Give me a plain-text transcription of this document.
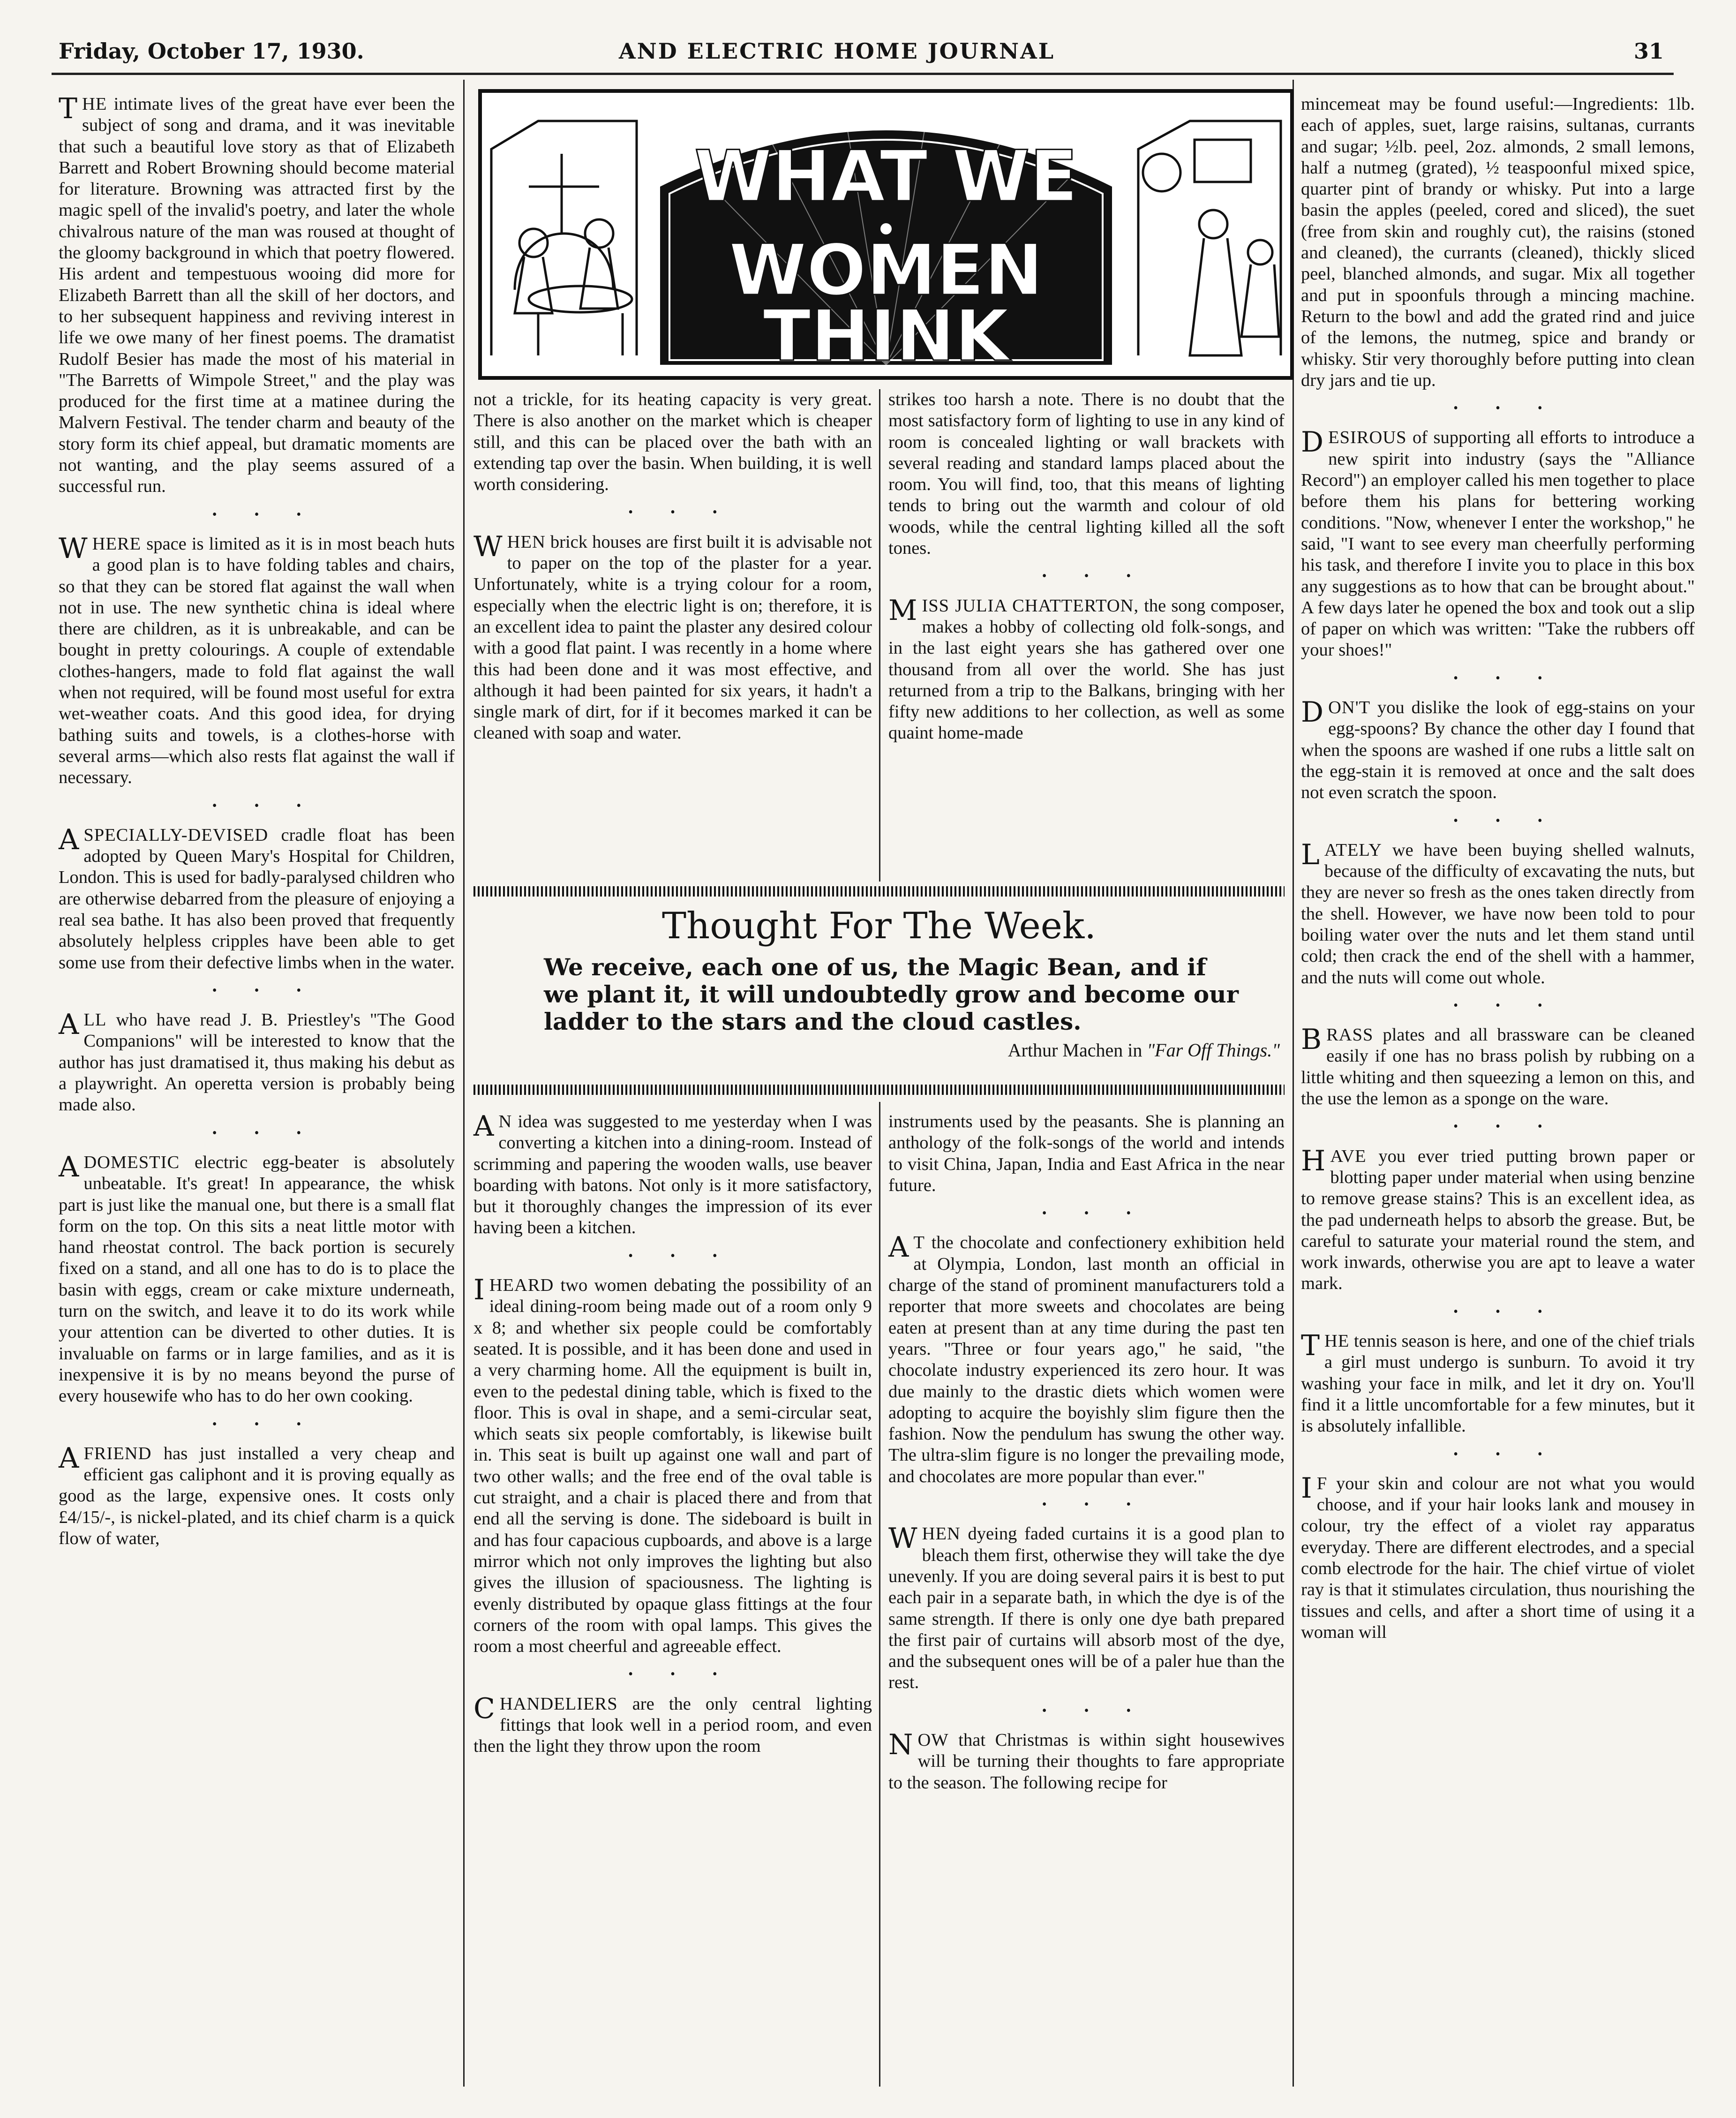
Friday, October 17, 1930.	AND ELECTRIC HOME JOURNAL	31
WHAT WE
WOMEN
THINK

THE intimate lives of the great have ever been the subject of song and drama, and it was inevitable that such a beautiful love story as that of Elizabeth Barrett and Robert Browning should become material for literature. Browning was attracted first by the magic spell of the invalid's poetry, and later the whole chivalrous nature of the man was roused at thought of the gloomy background in which that poetry flowered. His ardent and tempestuous wooing did more for Elizabeth Barrett than all the skill of her doctors, and to her subsequent happiness and reviving interest in life we owe many of her finest poems. The dramatist Rudolf Besier has made the most of his material in "The Barretts of Wimpole Street," and the play was produced for the first time at a matinee during the Malvern Festival. The tender charm and beauty of the story form its chief appeal, but dramatic moments are not wanting, and the play seems assured of a successful run.

•••

WHERE space is limited as it is in most beach huts a good plan is to have folding tables and chairs, so that they can be stored flat against the wall when not in use. The new synthetic china is ideal where there are children, as it is unbreakable, and can be bought in pretty colourings. A couple of extendable clothes-hangers, made to fold flat against the wall when not required, will be found most useful for extra wet-weather coats. And this good idea, for drying bathing suits and towels, is a clothes-horse with several arms—which also rests flat against the wall if necessary.

•••

ASPECIALLY-DEVISED cradle float has been adopted by Queen Mary's Hospital for Children, London. This is used for badly-paralysed children who are otherwise debarred from the pleasure of enjoying a real sea bathe. It has also been proved that frequently absolutely helpless cripples have been able to get some use from their defective limbs when in the water.

•••

ALL who have read J. B. Priestley's "The Good Companions" will be interested to know that the author has just dramatised it, thus making his debut as a playwright. An operetta version is probably being made also.

•••

ADOMESTIC electric egg-beater is absolutely unbeatable. It's great! In appearance, the whisk part is just like the manual one, but there is a small flat form on the top. On this sits a neat little motor with hand rheostat control. The back portion is securely fixed on a stand, and all one has to do is to place the basin with eggs, cream or cake mixture underneath, turn on the switch, and leave it to do its work while your attention can be diverted to other duties. It is invaluable on farms or in large families, and as it is inexpensive it is by no means beyond the purse of every housewife who has to do her own cooking.

•••

AFRIEND has just installed a very cheap and efficient gas caliphont and it is proving equally as good as the large, expensive ones. It costs only £4/15/-, is nickel-plated, and its chief charm is a quick flow of water,

not a trickle, for its heating capacity is very great. There is also another on the market which is cheaper still, and this can be placed over the bath with an extending tap over the basin. When building, it is well worth considering.

•••

WHEN brick houses are first built it is advisable not to paper on the top of the plaster for a year. Unfortunately, white is a trying colour for a room, especially when the electric light is on; therefore, it is an excellent idea to paint the plaster any desired colour with a good flat paint. I was recently in a home where this had been done and it was most effective, and although it had been painted for six years, it hadn't a single mark of dirt, for if it becomes marked it can be cleaned with soap and water.

strikes too harsh a note. There is no doubt that the most satisfactory form of lighting to use in any kind of room is concealed lighting or wall brackets with several reading and standard lamps placed about the room. You will find, too, that this means of lighting tends to bring out the warmth and colour of old woods, while the central lighting killed all the soft tones.

•••

MISS JULIA CHATTERTON, the song composer, makes a hobby of collecting old folk-songs, and in the last eight years she has gathered over one thousand from all over the world. She has just returned from a trip to the Balkans, bringing with her fifty new additions to her collection, as well as some quaint home-made

Thought For The Week.
We receive, each one of us, the Magic Bean, and if we plant it, it will undoubtedly grow and become our ladder to the stars and the cloud castles.
Arthur Machen in "Far Off Things."

A N idea was suggested to me yesterday when I was converting a kitchen into a dining-room. Instead of scrimming and papering the wooden walls, use beaver boarding with batons. Not only is it more satisfactory, but it thoroughly changes the impression of its ever having been a kitchen.

•••

IHEARD two women debating the possibility of an ideal dining-room being made out of a room only 9 x 8; and whether six people could be comfortably seated. It is possible, and it has been done and used in a very charming home. All the equipment is built in, even to the pedestal dining table, which is fixed to the floor. This is oval in shape, and a semi-circular seat, which seats six people comfortably, is likewise built in. This seat is built up against one wall and part of two other walls; and the free end of the oval table is cut straight, and a chair is placed there and from that end all the serving is done. The sideboard is built in and has four capacious cupboards, and above is a large mirror which not only improves the lighting but also gives the illusion of spaciousness. The lighting is evenly distributed by opaque glass fittings at the four corners of the room with opal lamps. This gives the room a most cheerful and agreeable effect.

•••

CHANDELIERS are the only central lighting fittings that look well in a period room, and even then the light they throw upon the room

instruments used by the peasants. She is planning an anthology of the folk-songs of the world and intends to visit China, Japan, India and East Africa in the near future.

•••

A T the chocolate and confectionery exhibition held at Olympia, London, last month an official in charge of the stand of prominent manufacturers told a reporter that more sweets and chocolates are being eaten at present than at any time during the past ten years. "Three or four years ago," he said, "the chocolate industry experienced its zero hour. It was due mainly to the drastic diets which women were adopting to acquire the boyishly slim figure then the fashion. Now the pendulum has swung the other way. The ultra-slim figure is no longer the prevailing mode, and chocolates are more popular than ever."

•••

WHEN dyeing faded curtains it is a good plan to bleach them first, otherwise they will take the dye unevenly. If you are doing several pairs it is best to put each pair in a separate bath, in which the dye is of the same strength. If there is only one dye bath prepared the first pair of curtains will absorb most of the dye, and the subsequent ones will be of a paler hue than the rest.

•••

NOW that Christmas is within sight housewives will be turning their thoughts to fare appropriate to the season. The following recipe for

mincemeat may be found useful:—Ingredients: 1lb. each of apples, suet, large raisins, sultanas, currants and sugar; ½lb. peel, 2oz. almonds, 2 small lemons, half a nutmeg (grated), ½ teaspoonful mixed spice, quarter pint of brandy or whisky. Put into a large basin the apples (peeled, cored and sliced), the suet (free from skin and roughly cut), the raisins (stoned and cleaned), the currants (cleaned), thickly sliced peel, blanched almonds, and sugar. Mix all together and put in spoonfuls through a mincing machine. Return to the bowl and add the grated rind and juice of the lemons, the nutmeg, spice and brandy or whisky. Stir very thoroughly before putting into clean dry jars and tie up.

•••

DESIROUS of supporting all efforts to introduce a new spirit into industry (says the "Alliance Record") an employer called his men together to place before them his plans for bettering working conditions. "Now, whenever I enter the workshop," he said, "I want to see every man cheerfully performing his task, and therefore I invite you to place in this box any suggestions as to how that can be brought about." A few days later he opened the box and took out a slip of paper on which was written: "Take the rubbers off your shoes!"

•••

DON'T you dislike the look of egg-stains on your egg-spoons? By chance the other day I found that when the spoons are washed if one rubs a little salt on the egg-stain it is removed at once and the salt does not even scratch the spoon.

•••

LATELY we have been buying shelled walnuts, because of the difficulty of excavating the nuts, but they are never so fresh as the ones taken directly from the shell. However, we have now been told to pour boiling water over the nuts and let them stand until cold; then crack the end of the shell with a hammer, and the nuts will come out whole.

•••

BRASS plates and all brassware can be cleaned easily if one has no brass polish by rubbing on a little whiting and then squeezing a lemon on this, and the use the lemon as a sponge on the ware.

•••

HAVE you ever tried putting brown paper or blotting paper under material when using benzine to remove grease stains? This is an excellent idea, as the pad underneath helps to absorb the grease. But, be careful to saturate your material round the stem, and work inwards, otherwise you are apt to leave a water mark.

•••

THE tennis season is here, and one of the chief trials a girl must undergo is sunburn. To avoid it try washing your face in milk, and let it dry on. You'll find it a little uncomfortable for a few minutes, but it is absolutely infallible.

•••

I F your skin and colour are not what you would choose, and if your hair looks lank and mousey in colour, try the effect of a violet ray apparatus everyday. There are different electrodes, and a special comb electrode for the hair. The chief virtue of violet ray is that it stimulates circulation, thus nourishing the tissues and cells, and after a short time of using it a woman will
